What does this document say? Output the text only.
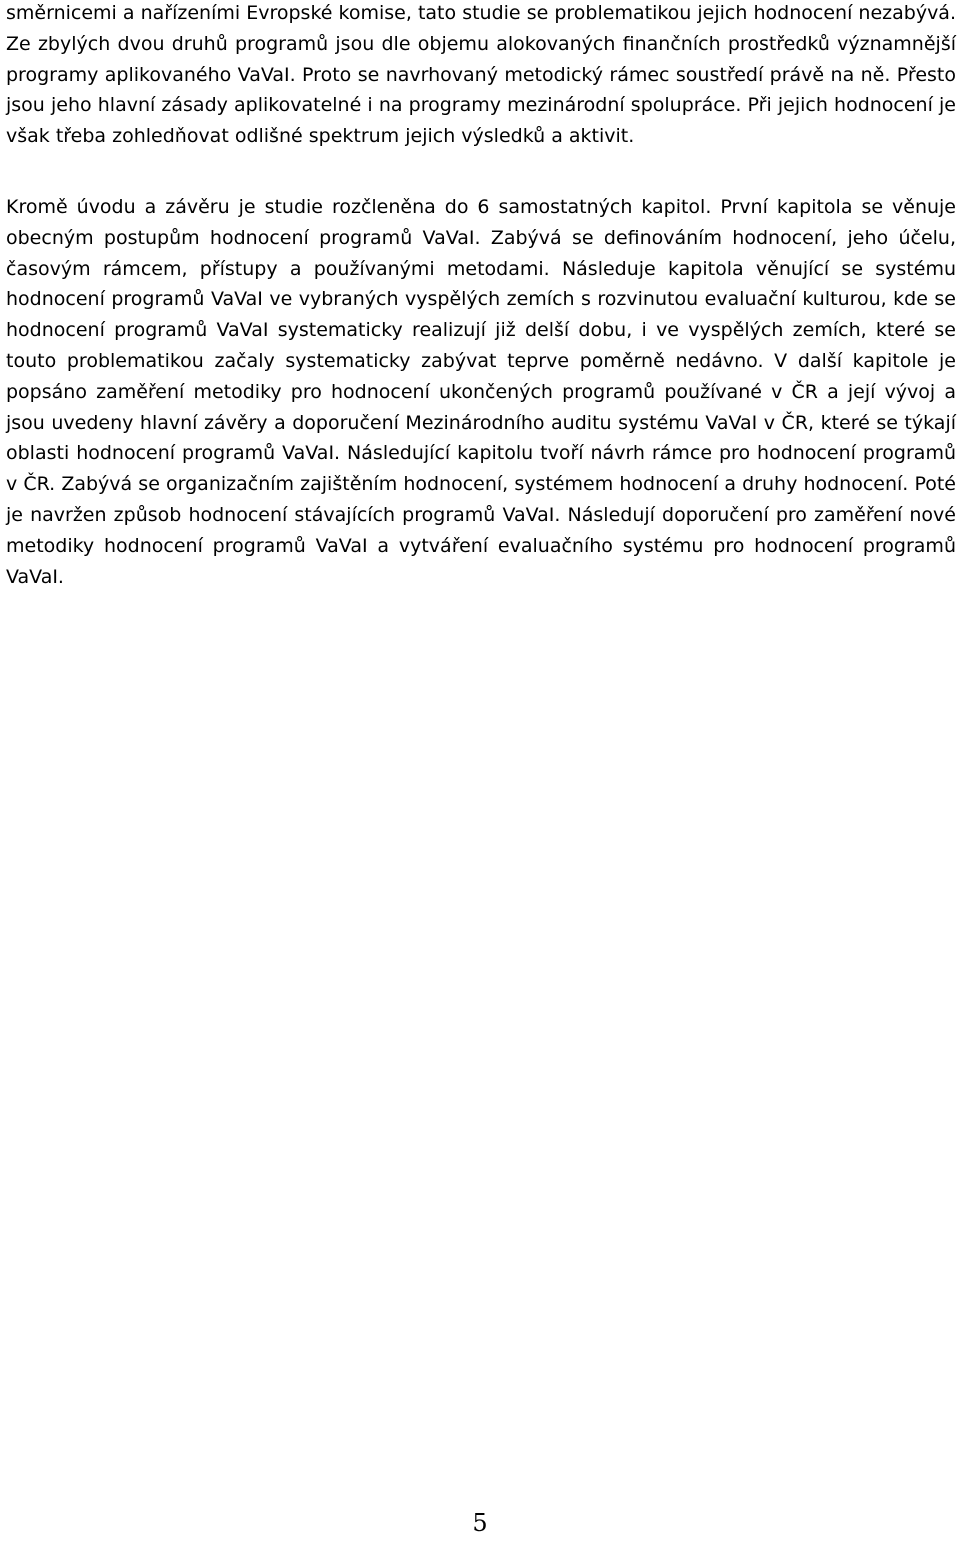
směrnicemi a nařízeními Evropské komise, tato studie se problematikou jejich hodnocení nezabývá. Ze zbylých dvou druhů programů jsou dle objemu alokovaných finančních prostředků významnější programy aplikovaného VaVaI. Proto se navrhovaný metodický rámec soustředí právě na ně. Přesto jsou jeho hlavní zásady aplikovatelné i na programy mezinárodní spolupráce. Při jejich hodnocení je však třeba zohledňovat odlišné spektrum jejich výsledků a aktivit.

Kromě úvodu a závěru je studie rozčleněna do 6 samostatných kapitol. První kapitola se věnuje obecným postupům hodnocení programů VaVaI. Zabývá se definováním hodnocení, jeho účelu, časovým rámcem, přístupy a používanými metodami. Následuje kapitola věnující se systému hodnocení programů VaVaI ve vybraných vyspělých zemích s rozvinutou evaluační kulturou, kde se hodnocení programů VaVaI systematicky realizují již delší dobu, i ve vyspělých zemích, které se touto problematikou začaly systematicky zabývat teprve poměrně nedávno. V další kapitole je popsáno zaměření metodiky pro hodnocení ukončených programů používané v ČR a její vývoj a jsou uvedeny hlavní závěry a doporučení Mezinárodního auditu systému VaVaI v ČR, které se týkají oblasti hodnocení programů VaVaI. Následující kapitolu tvoří návrh rámce pro hodnocení programů v ČR. Zabývá se organizačním zajištěním hodnocení, systémem hodnocení a druhy hodnocení. Poté je navržen způsob hodnocení stávajících programů VaVaI. Následují doporučení pro zaměření nové metodiky hodnocení programů VaVaI a vytváření evaluačního systému pro hodnocení programů VaVaI.

5
